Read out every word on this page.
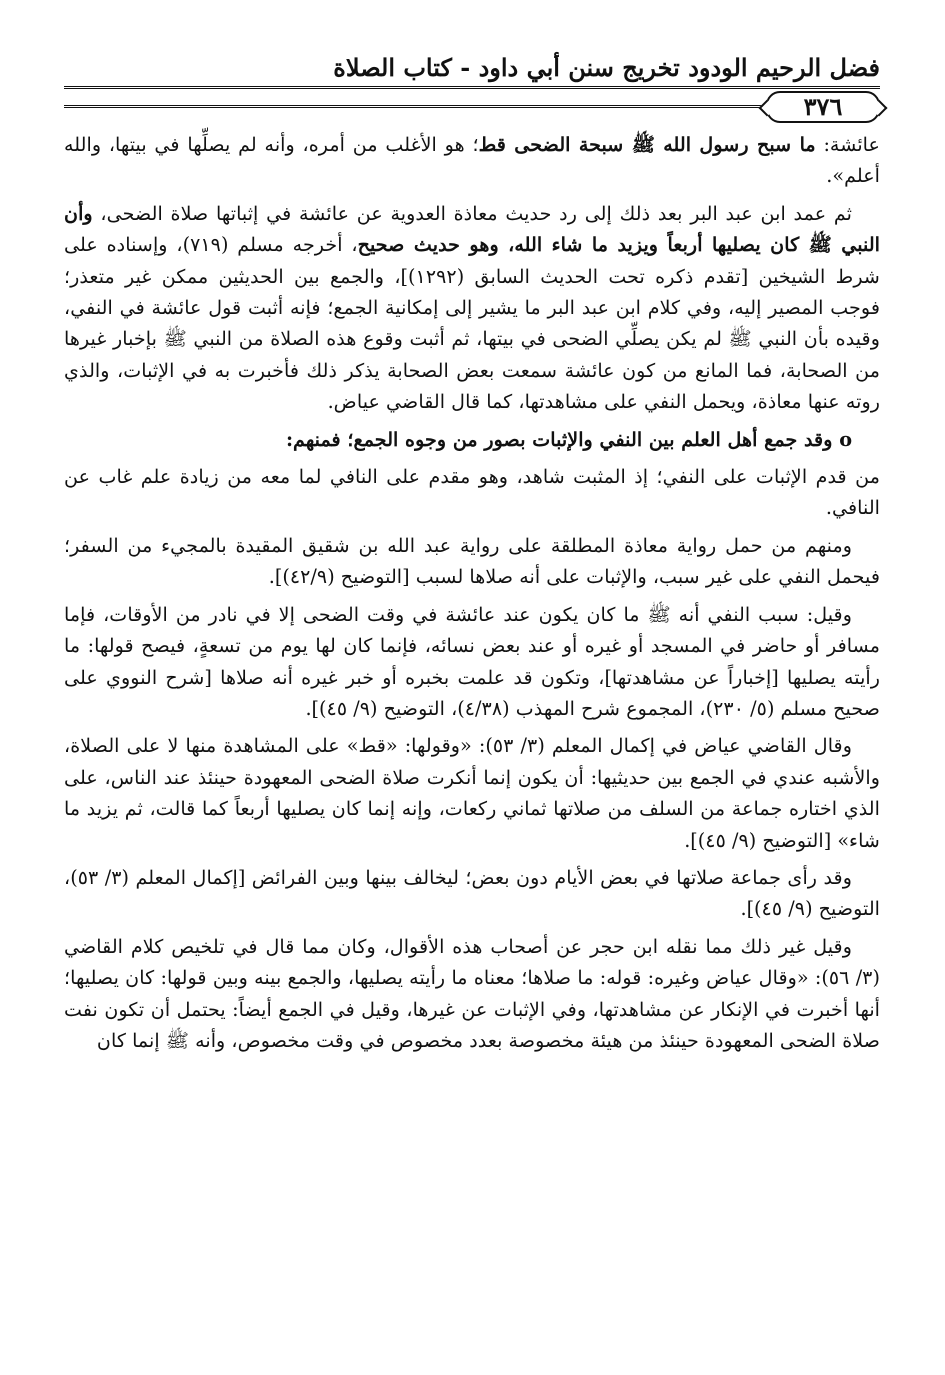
فضل الرحيم الودود تخريج سنن أبي داود - كتاب الصلاة
٣٧٦

عائشة: ما سبح رسول الله ﷺ سبحة الضحى قط؛ هو الأغلب من أمره، وأنه لم يصلِّها في بيتها، والله أعلم».

ثم عمد ابن عبد البر بعد ذلك إلى رد حديث معاذة العدوية عن عائشة في إثباتها صلاة الضحى، وأن النبي ﷺ كان يصليها أربعاً ويزيد ما شاء الله، وهو حديث صحيح، أخرجه مسلم (٧١٩)، وإسناده على شرط الشيخين [تقدم ذكره تحت الحديث السابق (١٢٩٢)]، والجمع بين الحديثين ممكن غير متعذر؛ فوجب المصير إليه، وفي كلام ابن عبد البر ما يشير إلى إمكانية الجمع؛ فإنه أثبت قول عائشة في النفي، وقيده بأن النبي ﷺ لم يكن يصلِّي الضحى في بيتها، ثم أثبت وقوع هذه الصلاة من النبي ﷺ بإخبار غيرها من الصحابة، فما المانع من كون عائشة سمعت بعض الصحابة يذكر ذلك فأخبرت به في الإثبات، والذي روته عنها معاذة، ويحمل النفي على مشاهدتها، كما قال القاضي عياض.

o وقد جمع أهل العلم بين النفي والإثبات بصور من وجوه الجمع؛ فمنهم:

من قدم الإثبات على النفي؛ إذ المثبت شاهد، وهو مقدم على النافي لما معه من زيادة علم غاب عن النافي.

ومنهم من حمل رواية معاذة المطلقة على رواية عبد الله بن شقيق المقيدة بالمجيء من السفر؛ فيحمل النفي على غير سبب، والإثبات على أنه صلاها لسبب [التوضيح (٤٢/٩)].

وقيل: سبب النفي أنه ﷺ ما كان يكون عند عائشة في وقت الضحى إلا في نادر من الأوقات، فإما مسافر أو حاضر في المسجد أو غيره أو عند بعض نسائه، فإنما كان لها يوم من تسعةٍ، فيصح قولها: ما رأيته يصليها [إخباراً عن مشاهدتها]، وتكون قد علمت بخبره أو خبر غيره أنه صلاها [شرح النووي على صحيح مسلم (٥/ ٢٣٠)، المجموع شرح المهذب (٤/٣٨)، التوضيح (٩/ ٤٥)].

وقال القاضي عياض في إكمال المعلم (٣/ ٥٣): «وقولها: «قط» على المشاهدة منها لا على الصلاة، والأشبه عندي في الجمع بين حديثيها: أن يكون إنما أنكرت صلاة الضحى المعهودة حينئذ عند الناس، على الذي اختاره جماعة من السلف من صلاتها ثماني ركعات، وإنه إنما كان يصليها أربعاً كما قالت، ثم يزيد ما شاء» [التوضيح (٩/ ٤٥)].

وقد رأى جماعة صلاتها في بعض الأيام دون بعض؛ ليخالف بينها وبين الفرائض [إكمال المعلم (٣/ ٥٣)، التوضيح (٩/ ٤٥)].

وقيل غير ذلك مما نقله ابن حجر عن أصحاب هذه الأقوال، وكان مما قال في تلخيص كلام القاضي (٣/ ٥٦): «وقال عياض وغيره: قوله: ما صلاها؛ معناه ما رأيته يصليها، والجمع بينه وبين قولها: كان يصليها؛ أنها أخبرت في الإنكار عن مشاهدتها، وفي الإثبات عن غيرها، وقيل في الجمع أيضاً: يحتمل أن تكون نفت صلاة الضحى المعهودة حينئذ من هيئة مخصوصة بعدد مخصوص في وقت مخصوص، وأنه ﷺ إنما كان
